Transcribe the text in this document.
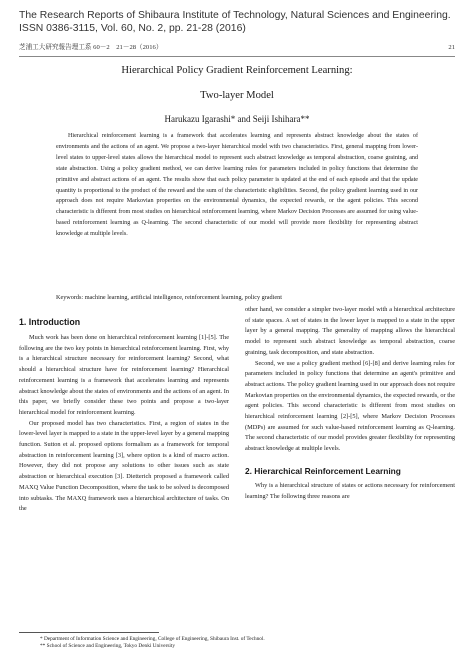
The Research Reports of Shibaura Institute of Technology, Natural Sciences and Engineering. ISSN 0386-3115, Vol. 60, No. 2, pp. 21-28 (2016)
芝浦工大研究報告理工系 60－2　21－28（2016）	21
Hierarchical Policy Gradient Reinforcement Learning:
Two-layer Model
Harukazu Igarashi* and Seiji Ishihara**
Hierarchical reinforcement learning is a framework that accelerates learning and represents abstract knowledge about the states of environments and the actions of an agent. We propose a two-layer hierarchical model with two characteristics. First, general mapping from lower-level states to upper-level states allows the hierarchical model to represent such abstract knowledge as temporal abstraction, coarse graining, and state abstraction. Using a policy gradient method, we can derive learning rules for parameters included in policy functions that determine the primitive and abstract actions of an agent. The results show that each policy parameter is updated at the end of each episode and that the update quantity is proportional to the product of the reward and the sum of the characteristic eligibilities. Second, the policy gradient learning used in our approach does not require Markovian properties on the environmental dynamics, the expected rewards, or the agent policies. This second characteristic is different from most studies on hierarchical reinforcement learning, where Markov Decision Processes are assumed for using value-based reinforcement learning as Q-learning. The second characteristic of our model will provide more flexibility for representing abstract knowledge at multiple levels.
Keywords: machine learning, artificial intelligence, reinforcement learning, policy gradient
1. Introduction

Much work has been done on hierarchical reinforcement learning [1]-[5]. The following are the two key points in hierarchical reinforcement learning. First, why is a hierarchical structure necessary for reinforcement learning? Second, what should a hierarchical structure have for reinforcement learning? Hierarchical reinforcement learning is a framework that accelerates learning and represents abstract knowledge about the states of environments and the actions of an agent. In this paper, we briefly consider these two points and propose a two-layer hierarchical model for reinforcement learning.

Our proposed model has two characteristics. First, a region of states in the lower-level layer is mapped to a state in the upper-level layer by a general mapping function. Sutton et al. proposed options formalism as a framework for temporal abstraction in reinforcement learning [3], where option is a kind of macro action. However, they did not propose any solutions to other issues such as state abstraction or hierarchical execution [3]. Dietterich proposed a framework called MAXQ Value Function Decomposition, where the task to be solved is decomposed into subtasks. The MAXQ framework uses a hierarchical architecture of tasks. On the

other hand, we consider a simpler two-layer model with a hierarchical architecture of state spaces. A set of states in the lower layer is mapped to a state in the upper layer by a general mapping. The generality of mapping allows the hierarchical model to represent such abstract knowledge as temporal abstraction, coarse graining, task decomposition, and state abstraction.

Second, we use a policy gradient method [6]-[8] and derive learning rules for parameters included in policy functions that determine an agent's primitive and abstract actions. The policy gradient learning used in our approach does not require Markovian properties on the environmental dynamics, the expected rewards, or the agent policies. This second characteristic is different from most studies on hierarchical reinforcement learning [2]-[5], where Markov Decision Processes (MDPs) are assumed for such value-based reinforcement learning as Q-learning. The second characteristic of our model provides greater flexibility for representing abstract knowledge at multiple levels.

2. Hierarchical Reinforcement Learning

Why is a hierarchical structure of states or actions necessary for reinforcement learning? The following three reasons are

* Department of Information Science and Engineering, College of Engineering, Shibaura Inst. of Technol.
** School of Science and Engineering, Tokyo Denki University
